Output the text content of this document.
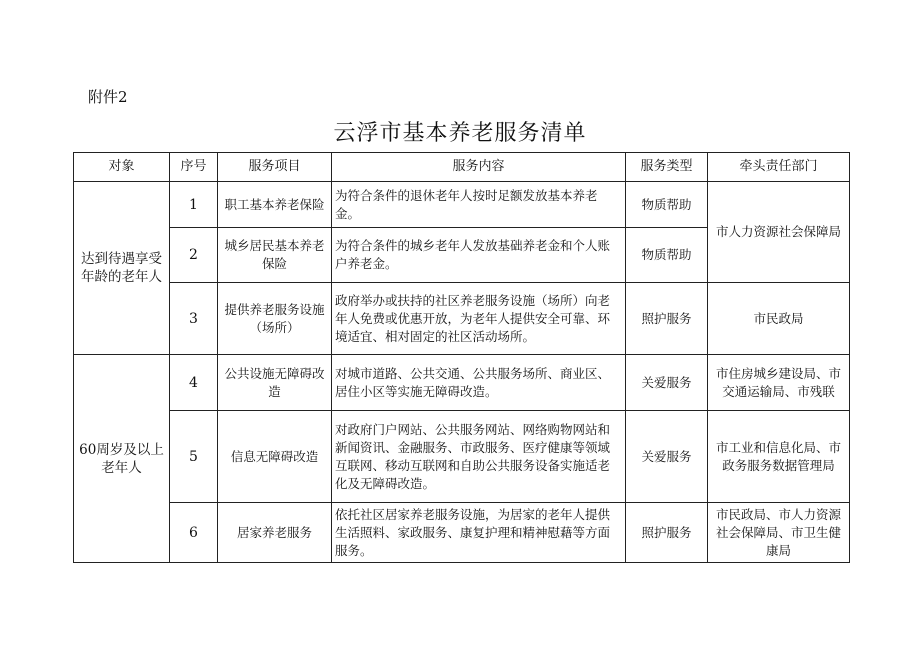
附件2
云浮市基本养老服务清单
对象	序号	服务项目	服务内容	服务类型	牵头责任部门
达到待遇享受年龄的老年人	1	职工基本养老保险	为符合条件的退休老年人按时足额发放基本养老金。	物质帮助	市人力资源社会保障局
	2	城乡居民基本养老保险	为符合条件的城乡老年人发放基础养老金和个人账户养老金。	物质帮助	
	3	提供养老服务设施（场所）	政府举办或扶持的社区养老服务设施（场所）向老年人免费或优惠开放，为老年人提供安全可靠、环境适宜、相对固定的社区活动场所。	照护服务	市民政局
60周岁及以上老年人	4	公共设施无障碍改造	对城市道路、公共交通、公共服务场所、商业区、居住小区等实施无障碍改造。	关爱服务	市住房城乡建设局、市交通运输局、市残联
	5	信息无障碍改造	对政府门户网站、公共服务网站、网络购物网站和新闻资讯、金融服务、市政服务、医疗健康等领域互联网、移动互联网和自助公共服务设备实施适老化及无障碍改造。	关爱服务	市工业和信息化局、市政务服务数据管理局
	6	居家养老服务	依托社区居家养老服务设施，为居家的老年人提供生活照料、家政服务、康复护理和精神慰藉等方面服务。	照护服务	市民政局、市人力资源社会保障局、市卫生健康局
